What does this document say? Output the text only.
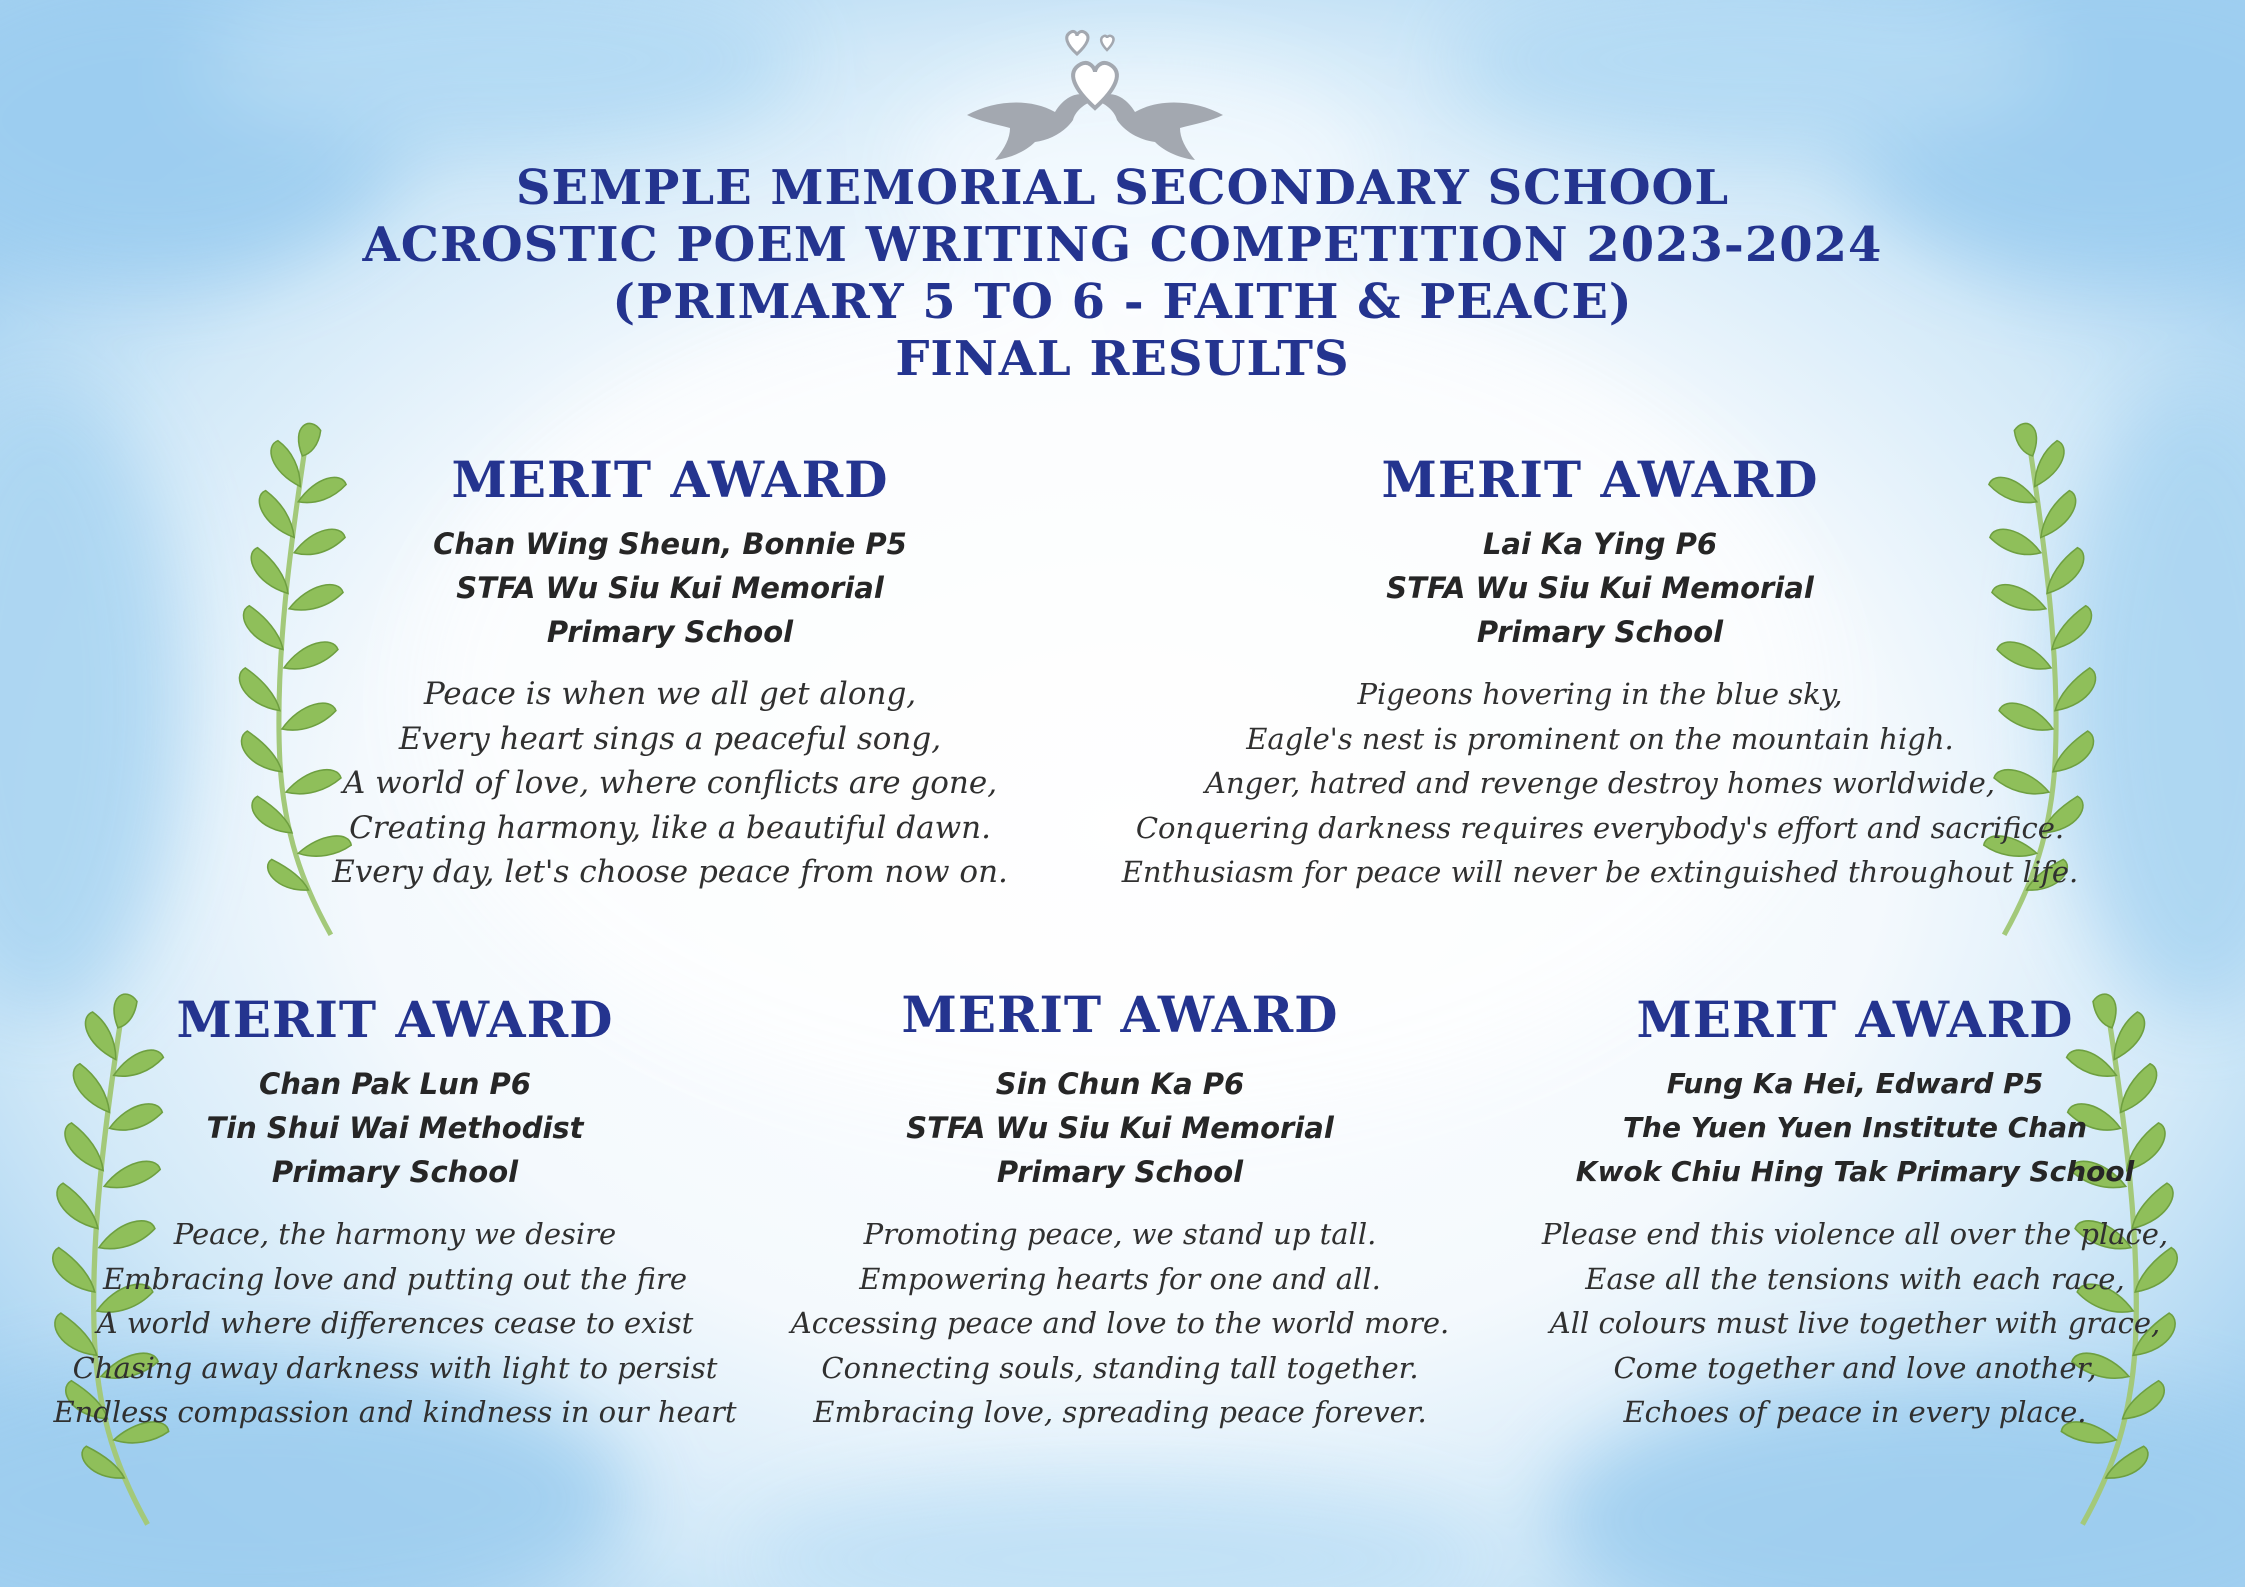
SEMPLE MEMORIAL SECONDARY SCHOOL
ACROSTIC POEM WRITING COMPETITION 2023-2024
(PRIMARY 5 TO 6 - FAITH & PEACE)
FINAL RESULTS
MERIT AWARD
Chan Wing Sheun, Bonnie P5
STFA Wu Siu Kui Memorial
Primary School
Peace is when we all get along,
Every heart sings a peaceful song,
A world of love, where conflicts are gone,
Creating harmony, like a beautiful dawn.
Every day, let's choose peace from now on.
MERIT AWARD
Lai Ka Ying P6
STFA Wu Siu Kui Memorial
Primary School
Pigeons hovering in the blue sky,
Eagle's nest is prominent on the mountain high.
Anger, hatred and revenge destroy homes worldwide,
Conquering darkness requires everybody's effort and sacrifice.
Enthusiasm for peace will never be extinguished throughout life.
MERIT AWARD
Chan Pak Lun P6
Tin Shui Wai Methodist
Primary School
Peace, the harmony we desire
Embracing love and putting out the fire
A world where differences cease to exist
Chasing away darkness with light to persist
Endless compassion and kindness in our heart
MERIT AWARD
Sin Chun Ka P6
STFA Wu Siu Kui Memorial
Primary School
Promoting peace, we stand up tall.
Empowering hearts for one and all.
Accessing peace and love to the world more.
Connecting souls, standing tall together.
Embracing love, spreading peace forever.
MERIT AWARD
Fung Ka Hei, Edward P5
The Yuen Yuen Institute Chan
Kwok Chiu Hing Tak Primary School
Please end this violence all over the place,
Ease all the tensions with each race,
All colours must live together with grace,
Come together and love another,
Echoes of peace in every place.
